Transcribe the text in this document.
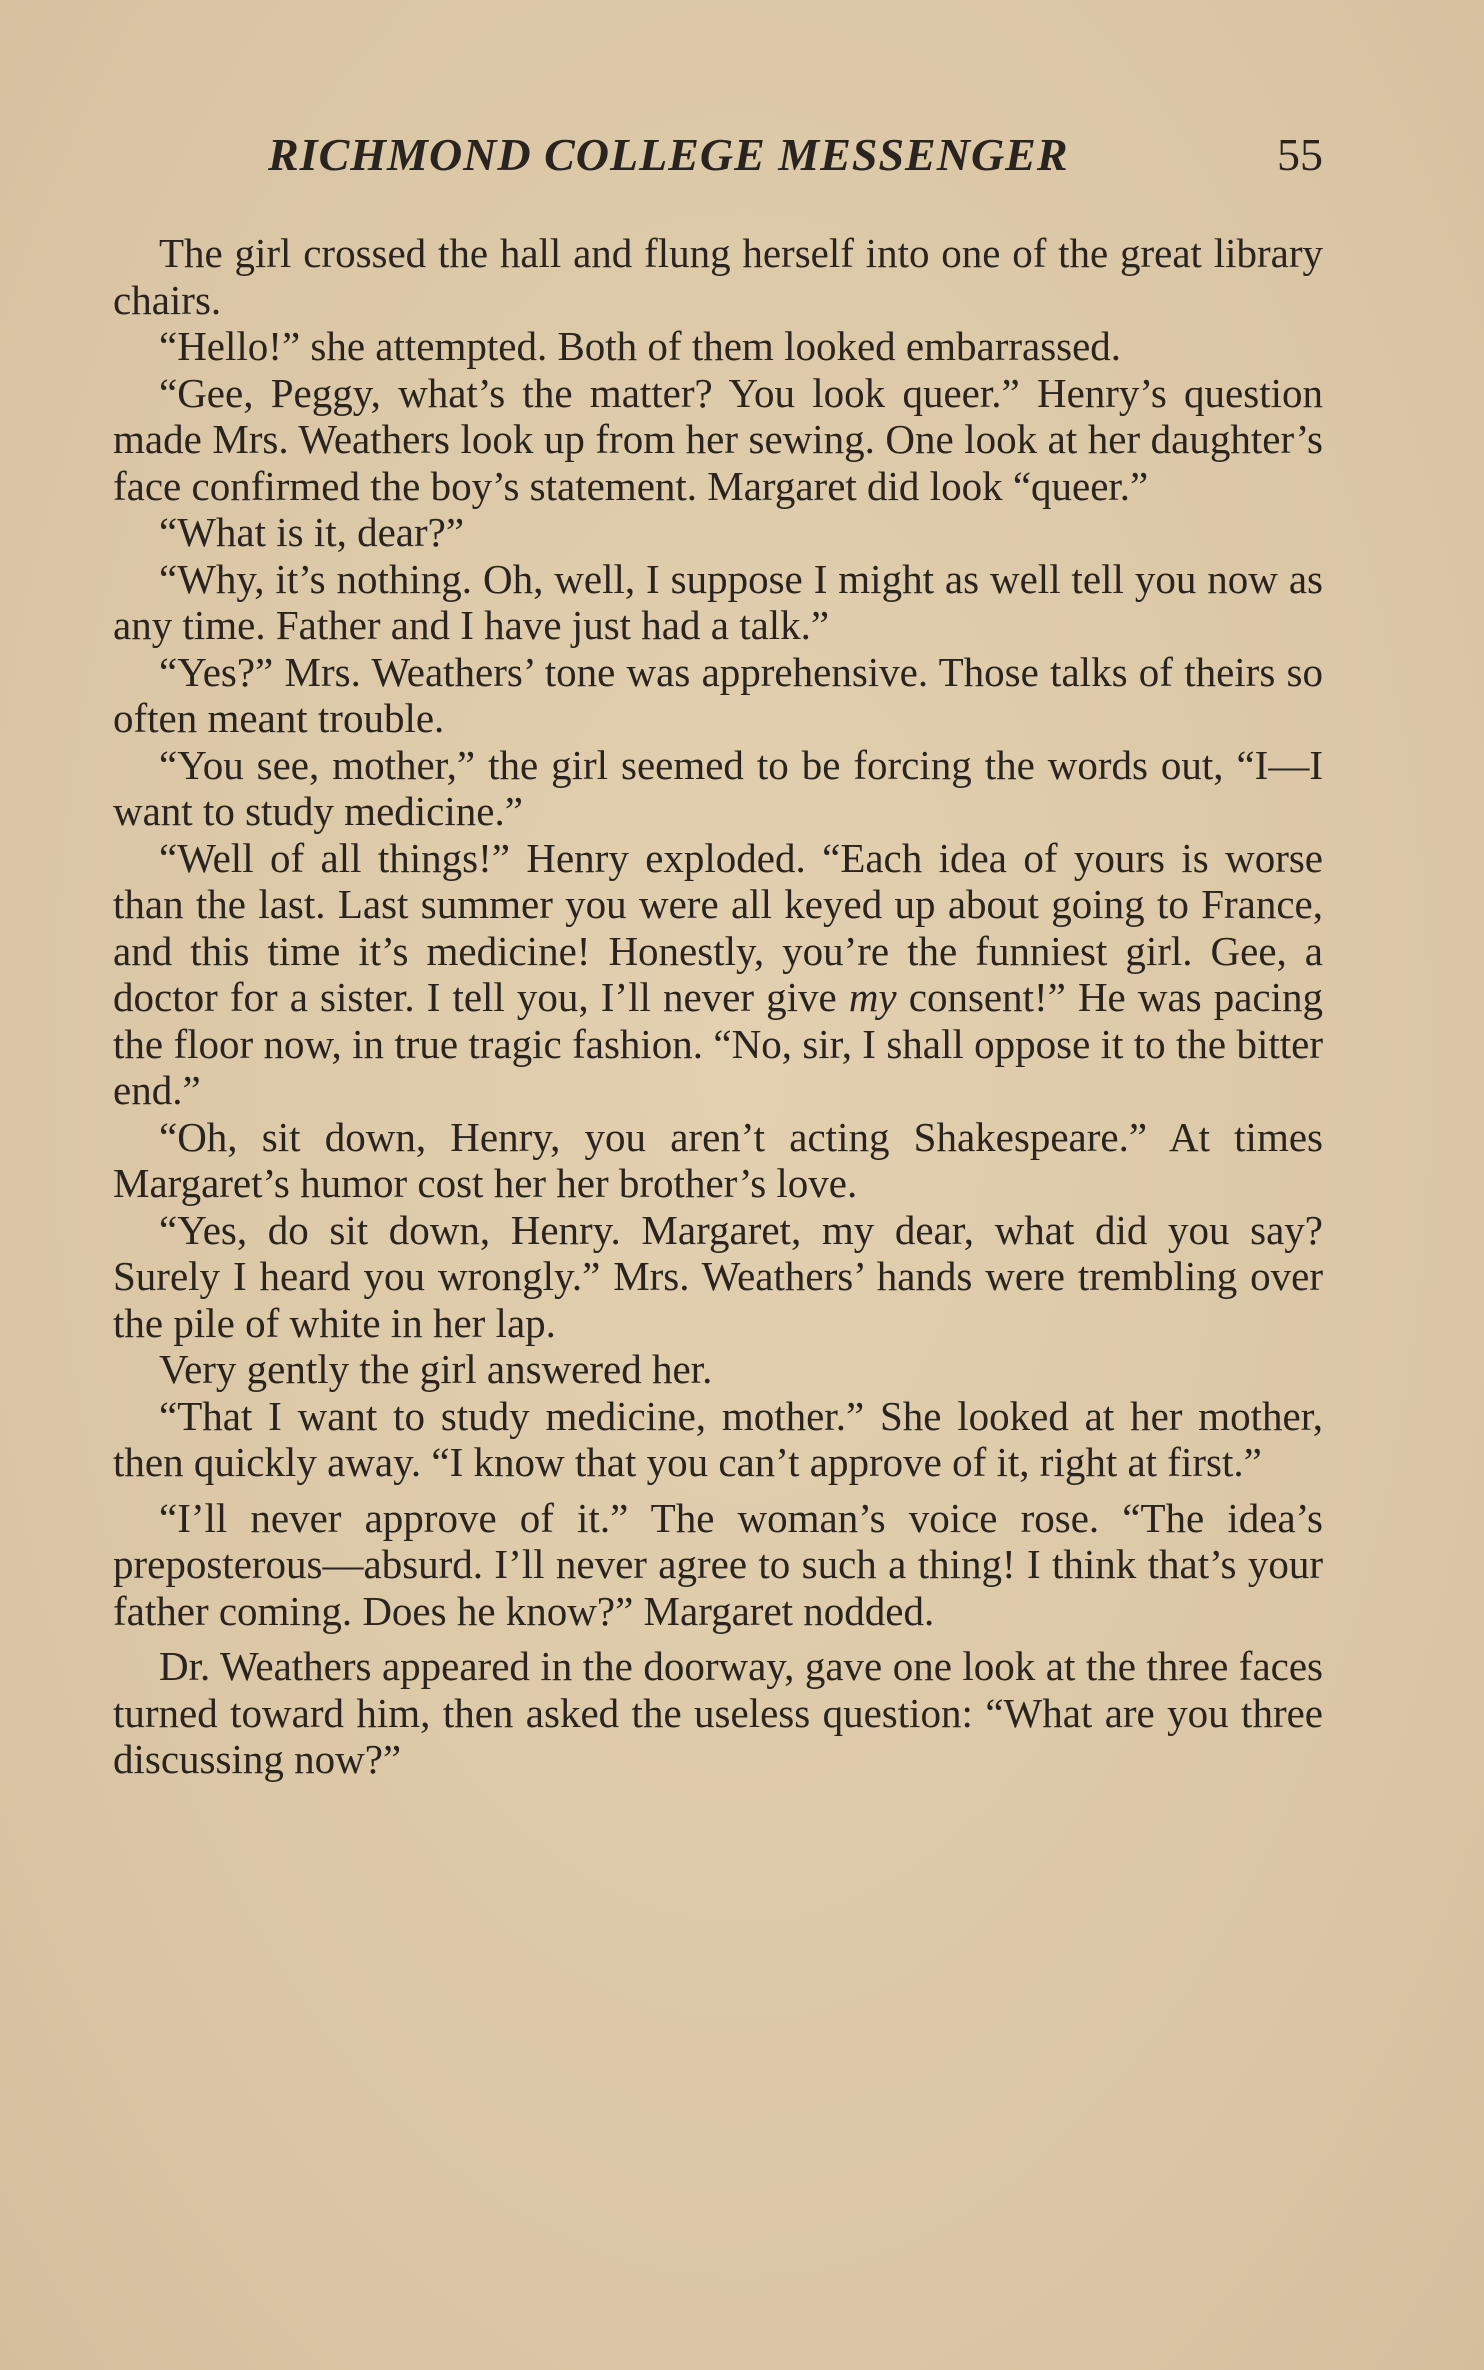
RICHMOND COLLEGE MESSENGER	55

The girl crossed the hall and flung herself into one of the great library chairs.

“Hello!” she attempted. Both of them looked embarrassed.

“Gee, Peggy, what’s the matter? You look queer.” Henry’s question made Mrs. Weathers look up from her sewing. One look at her daughter’s face confirmed the boy’s statement. Margaret did look “queer.”

“What is it, dear?”

“Why, it’s nothing. Oh, well, I suppose I might as well tell you now as any time. Father and I have just had a talk.”

“Yes?” Mrs. Weathers’ tone was apprehensive. Those talks of theirs so often meant trouble.

“You see, mother,” the girl seemed to be forcing the words out, “I—I want to study medicine.”

“Well of all things!” Henry exploded. “Each idea of yours is worse than the last. Last summer you were all keyed up about going to France, and this time it’s medicine! Honestly, you’re the funniest girl. Gee, a doctor for a sister. I tell you, I’ll never give my consent!” He was pacing the floor now, in true tragic fashion. “No, sir, I shall oppose it to the bitter end.”

“Oh, sit down, Henry, you aren’t acting Shakespeare.” At times Margaret’s humor cost her her brother’s love.

“Yes, do sit down, Henry. Margaret, my dear, what did you say? Surely I heard you wrongly.” Mrs. Weathers’ hands were trembling over the pile of white in her lap.

Very gently the girl answered her.

“That I want to study medicine, mother.” She looked at her mother, then quickly away. “I know that you can’t approve of it, right at first.”

“I’ll never approve of it.” The woman’s voice rose. “The idea’s preposterous—absurd. I’ll never agree to such a thing! I think that’s your father coming. Does he know?” Margaret nodded.

Dr. Weathers appeared in the doorway, gave one look at the three faces turned toward him, then asked the useless question: “What are you three discussing now?”
